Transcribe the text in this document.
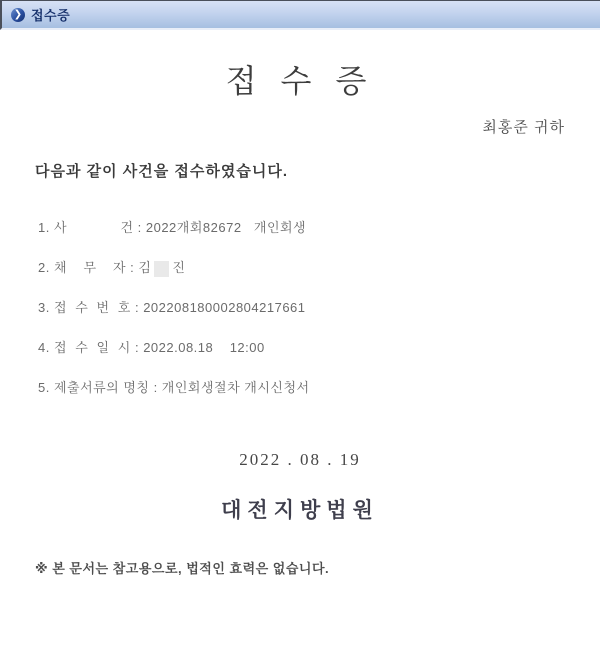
❯ 접수증
접 수 증
최홍준 귀하
다음과 같이 사건을 접수하였습니다.
1. 사             건 : 2022개회82672   개인회생
2. 채    무    자 : 김 진
3. 접  수  번  호 : 202208180002804217661
4. 접  수  일  시 : 2022.08.18    12:00
5. 제출서류의 명칭 : 개인회생절차 개시신청서
2022 . 08 . 19
대전지방법원
※ 본 문서는 참고용으로, 법적인 효력은 없습니다.
